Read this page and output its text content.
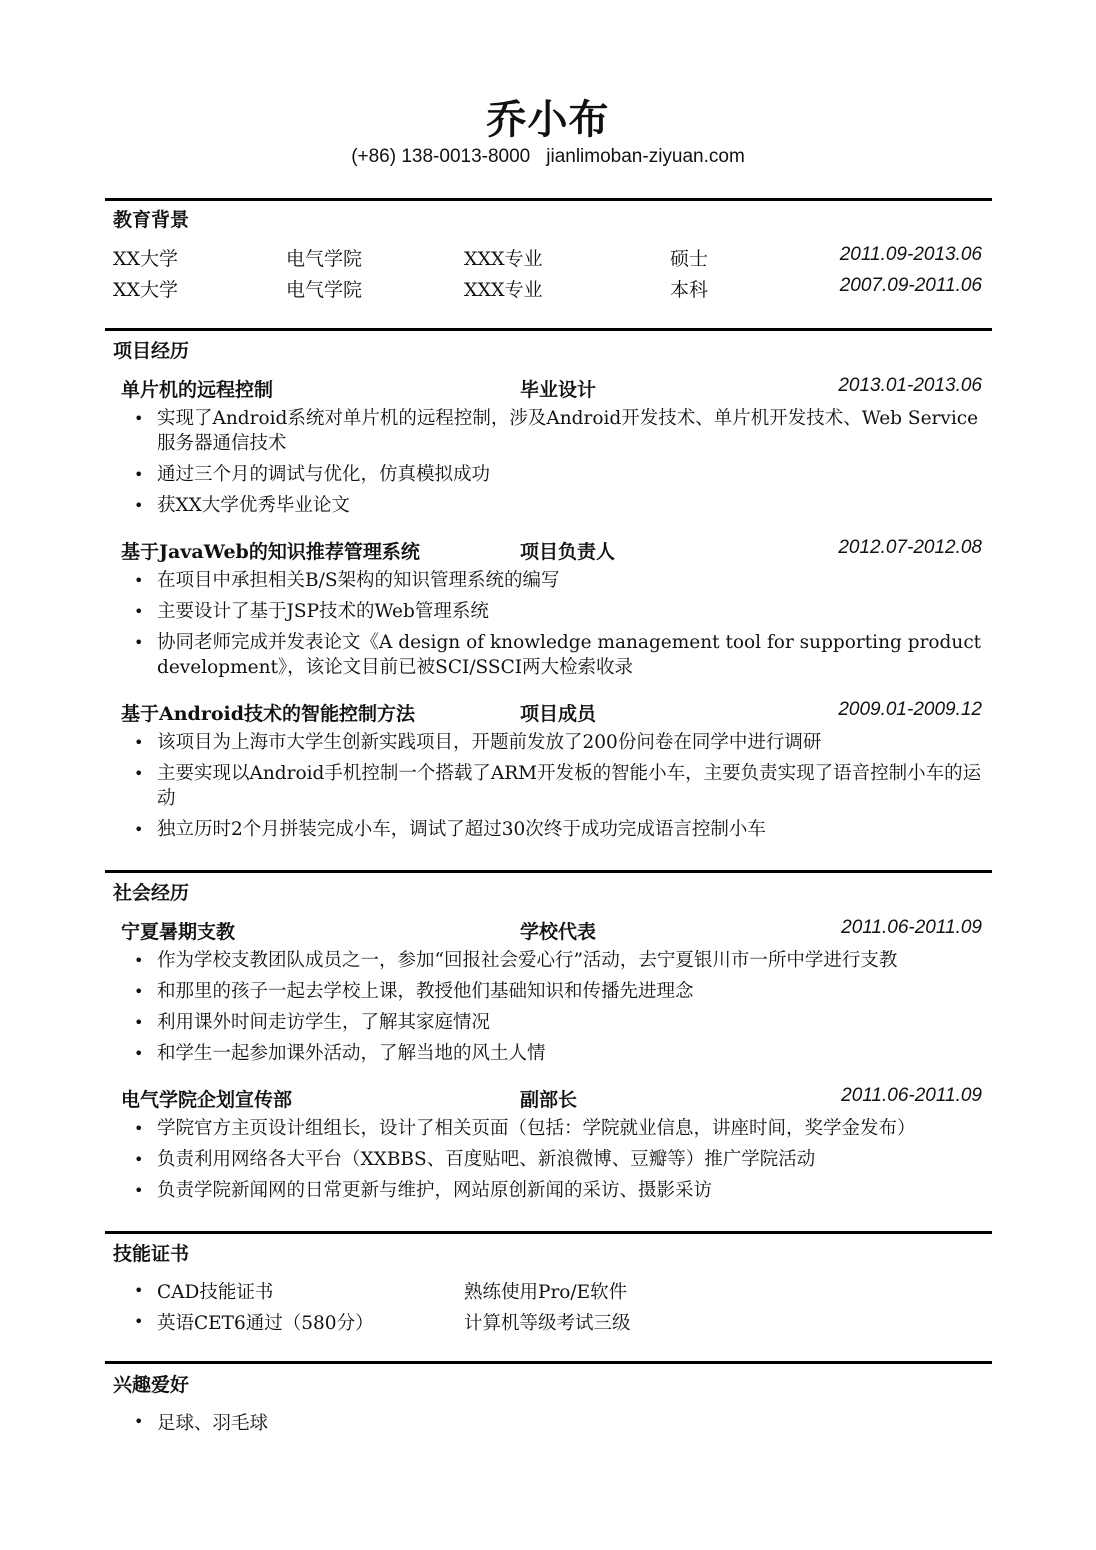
乔小布
(+86) 138-0013-8000 jianlimoban-ziyuan.com
教育背景
XX大学	电气学院	XXX专业	硕士	2011.09-2013.06
XX大学	电气学院	XXX专业	本科	2007.09-2011.06
项目经历
单片机的远程控制	毕业设计	2013.01-2013.06
• 实现了Android系统对单片机的远程控制，涉及Android开发技术、单片机开发技术、Web Service服务器通信技术
• 通过三个月的调试与优化，仿真模拟成功
• 获XX大学优秀毕业论文
基于JavaWeb的知识推荐管理系统	项目负责人	2012.07-2012.08
• 在项目中承担相关B/S架构的知识管理系统的编写
• 主要设计了基于JSP技术的Web管理系统
• 协同老师完成并发表论文《A design of knowledge management tool for supporting product development》，该论文目前已被SCI/SSCI两大检索收录
基于Android技术的智能控制方法	项目成员	2009.01-2009.12
• 该项目为上海市大学生创新实践项目，开题前发放了200份问卷在同学中进行调研
• 主要实现以Android手机控制一个搭载了ARM开发板的智能小车，主要负责实现了语音控制小车的运动
• 独立历时2个月拼装完成小车，调试了超过30次终于成功完成语言控制小车
社会经历
宁夏暑期支教	学校代表	2011.06-2011.09
• 作为学校支教团队成员之一，参加“回报社会爱心行”活动，去宁夏银川市一所中学进行支教
• 和那里的孩子一起去学校上课，教授他们基础知识和传播先进理念
• 利用课外时间走访学生，了解其家庭情况
• 和学生一起参加课外活动，了解当地的风土人情
电气学院企划宣传部	副部长	2011.06-2011.09
• 学院官方主页设计组组长，设计了相关页面（包括：学院就业信息，讲座时间，奖学金发布）
• 负责利用网络各大平台（XXBBS、百度贴吧、新浪微博、豆瓣等）推广学院活动
• 负责学院新闻网的日常更新与维护，网站原创新闻的采访、摄影采访
技能证书
• CAD技能证书	熟练使用Pro/E软件
• 英语CET6通过（580分）	计算机等级考试三级
兴趣爱好
• 足球、羽毛球
